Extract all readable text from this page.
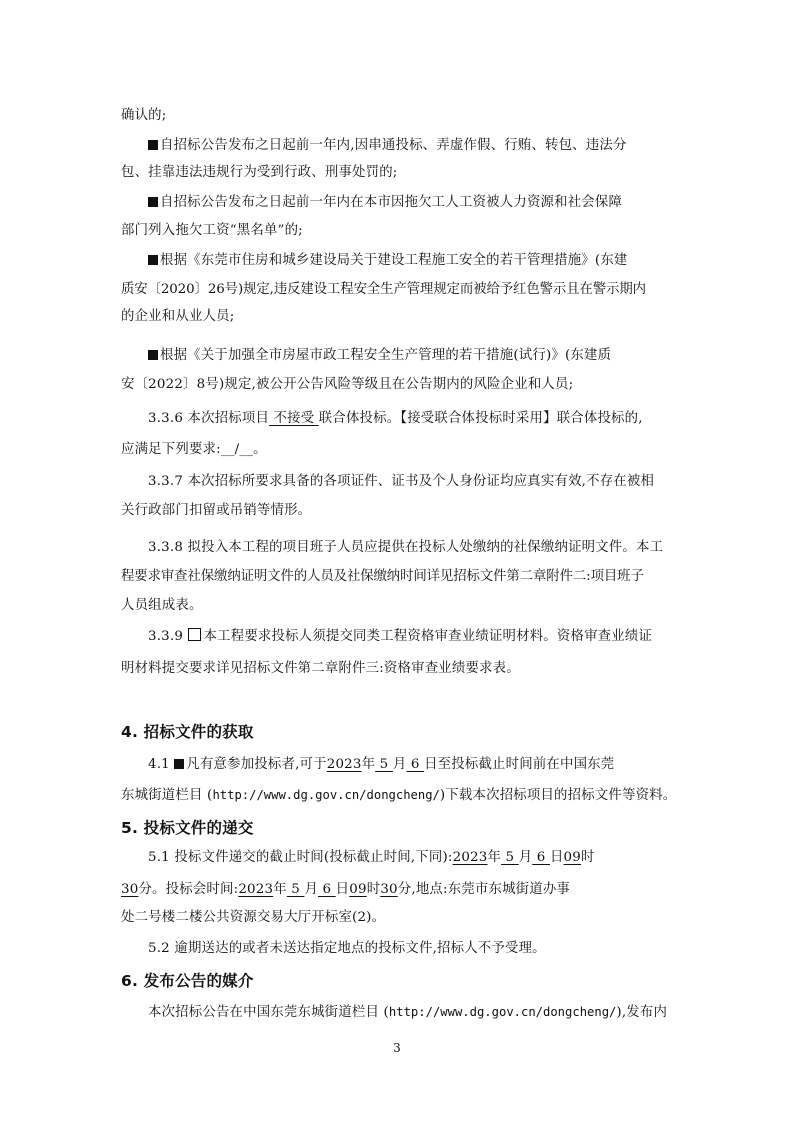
确认的;
自招标公告发布之日起前一年内,因串通投标、弄虚作假、行贿、转包、违法分
包、挂靠违法违规行为受到行政、刑事处罚的;
自招标公告发布之日起前一年内在本市因拖欠工人工资被人力资源和社会保障
部门列入拖欠工资“黑名单”的;
根据《东莞市住房和城乡建设局关于建设工程施工安全的若干管理措施》(东建
质安〔2020〕26号)规定,违反建设工程安全生产管理规定而被给予红色警示且在警示期内
的企业和从业人员;
根据《关于加强全市房屋市政工程安全生产管理的若干措施(试行)》(东建质
安〔2022〕8号)规定,被公开公告风险等级且在公告期内的风险企业和人员;
3.3.6 本次招标项目 不接受 联合体投标。【接受联合体投标时采用】联合体投标的,
应满足下列要求:__/__。
3.3.7 本次招标所要求具备的各项证件、证书及个人身份证均应真实有效,不存在被相
关行政部门扣留或吊销等情形。
3.3.8 拟投入本工程的项目班子人员应提供在投标人处缴纳的社保缴纳证明文件。本工
程要求审查社保缴纳证明文件的人员及社保缴纳时间详见招标文件第二章附件二:项目班子
人员组成表。
3.3.9 本工程要求投标人须提交同类工程资格审查业绩证明材料。资格审查业绩证
明材料提交要求详见招标文件第二章附件三:资格审查业绩要求表。
4. 招标文件的获取
4.1 凡有意参加投标者,可于2023年 5 月 6 日至投标截止时间前在中国东莞
东城街道栏目 (http://www.dg.gov.cn/dongcheng/)下载本次招标项目的招标文件等资料。
5. 投标文件的递交
5.1 投标文件递交的截止时间(投标截止时间,下同):2023年 5 月 6 日09时
30分。投标会时间:2023年 5 月 6 日09时30分,地点:东莞市东城街道办事
处二号楼二楼公共资源交易大厅开标室(2)。
5.2 逾期送达的或者未送达指定地点的投标文件,招标人不予受理。
6. 发布公告的媒介
本次招标公告在中国东莞东城街道栏目 (http://www.dg.gov.cn/dongcheng/),发布内
3
